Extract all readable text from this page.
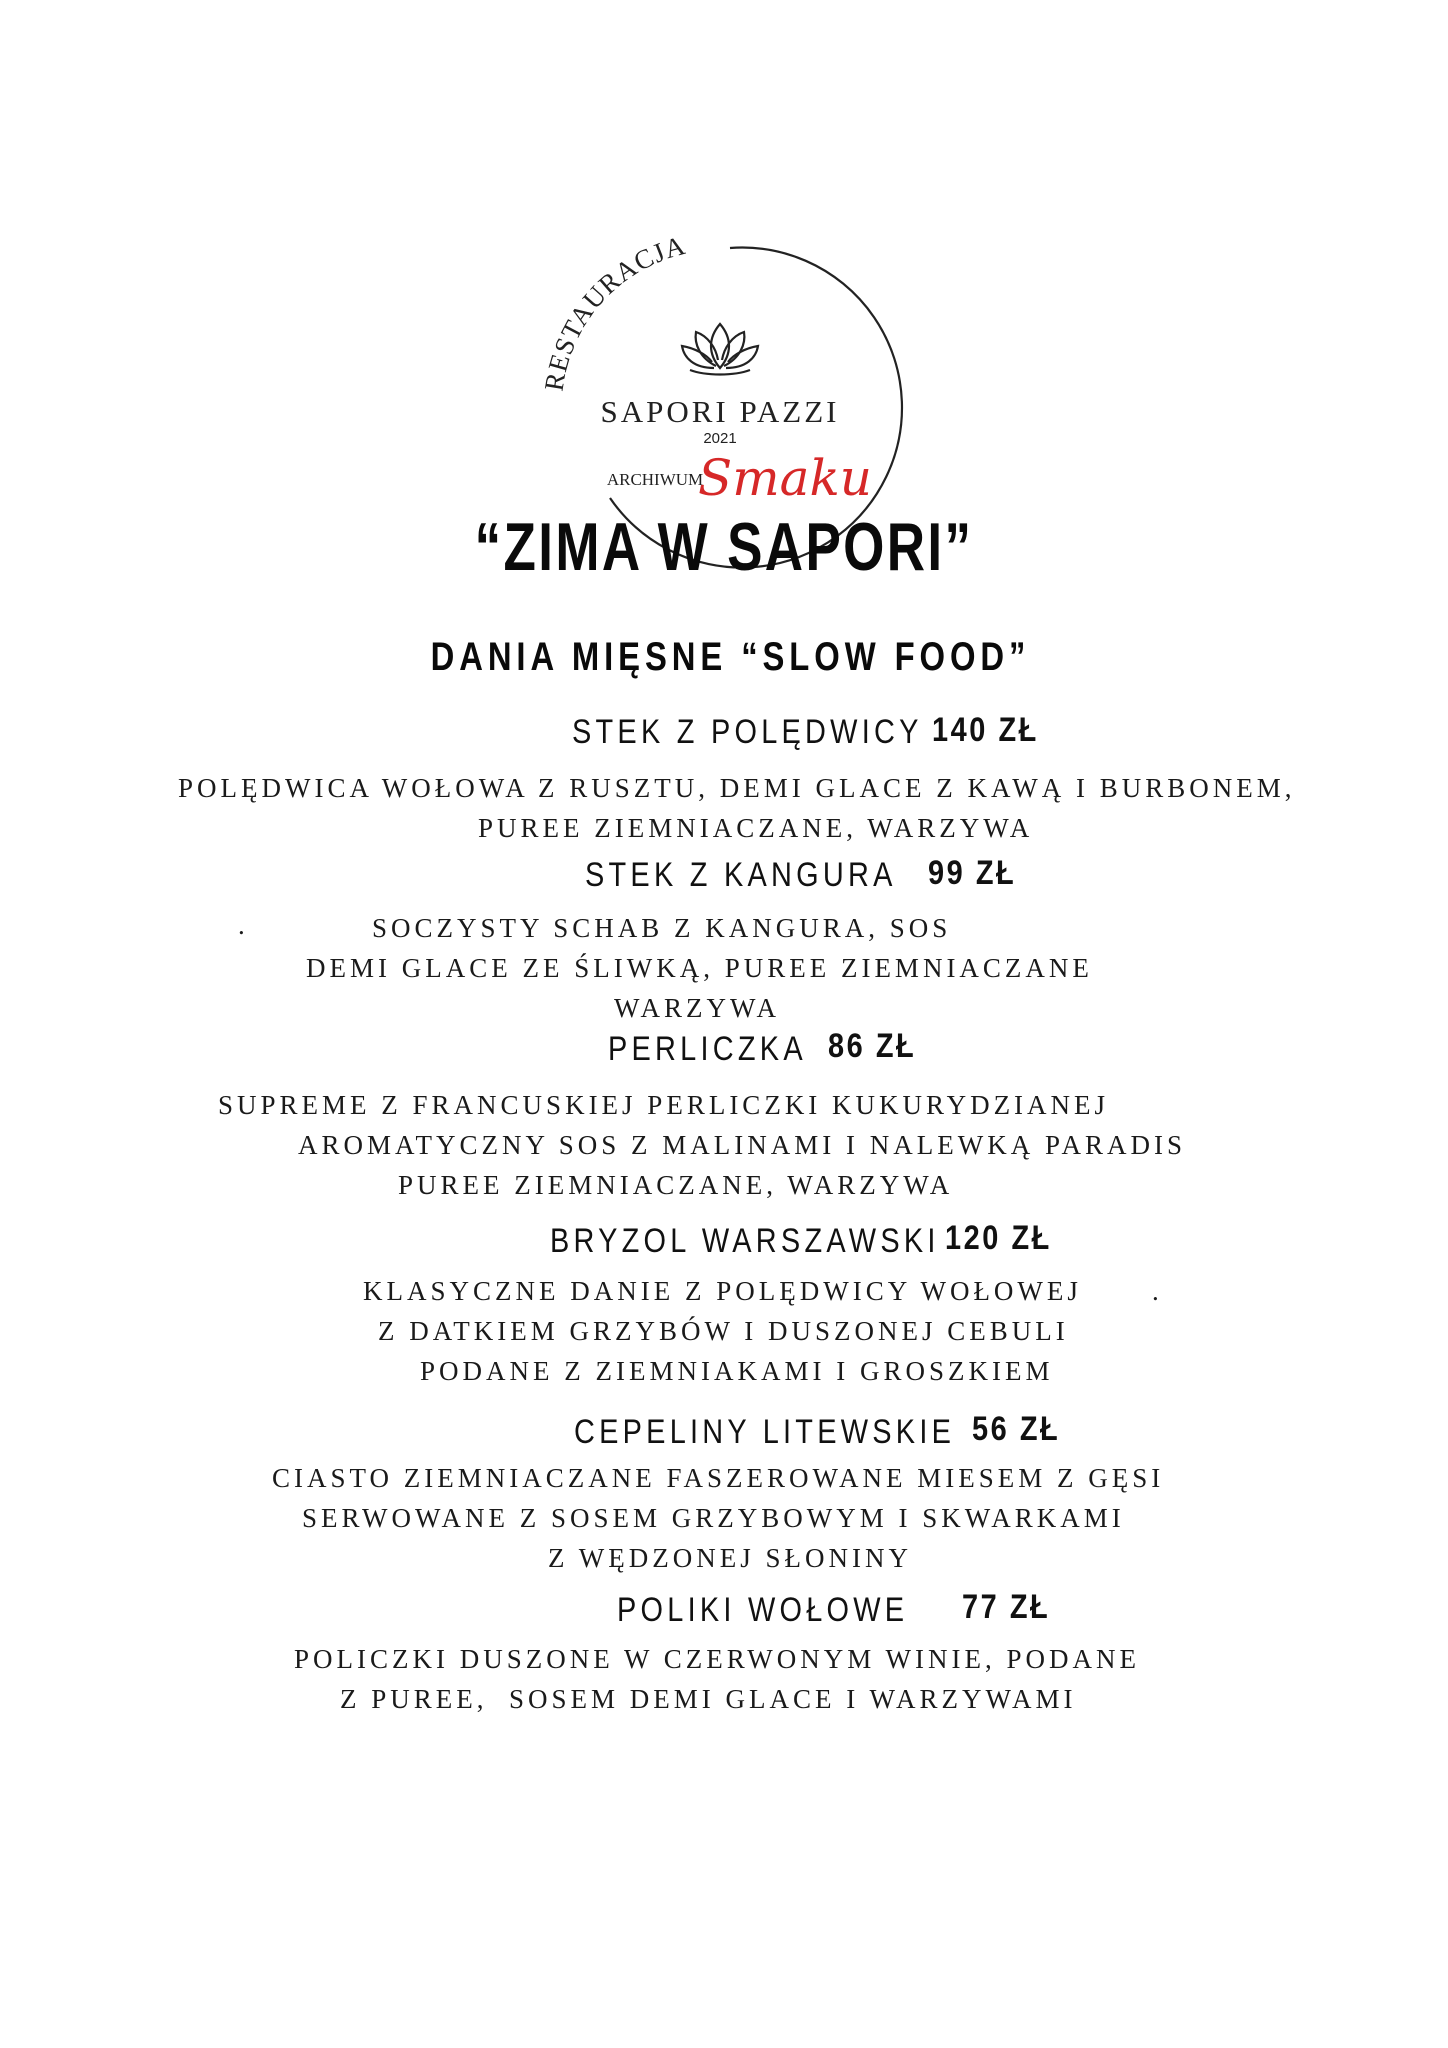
RESTAURACJA
SAPORI PAZZI
2021
ARCHIWUM
Smaku
“ZIMA W SAPORI”
DANIA MIĘSNE “SLOW FOOD”
STEK Z POLĘDWICY 140 ZŁ
POLĘDWICA WOŁOWA Z RUSZTU, DEMI GLACE Z KAWĄ I BURBONEM,
PUREE ZIEMNIACZANE, WARZYWA
STEK Z KANGURA 99 ZŁ
.	SOCZYSTY SCHAB Z KANGURA, SOS
DEMI GLACE ZE ŚLIWKĄ, PUREE ZIEMNIACZANE
WARZYWA
PERLICZKA 86 ZŁ
SUPREME Z FRANCUSKIEJ PERLICZKI KUKURYDZIANEJ
AROMATYCZNY SOS Z MALINAMI I NALEWKĄ PARADIS
PUREE ZIEMNIACZANE, WARZYWA
BRYZOL WARSZAWSKI 120 ZŁ
KLASYCZNE DANIE Z POLĘDWICY WOŁOWEJ	.
Z DATKIEM GRZYBÓW I DUSZONEJ CEBULI
PODANE Z ZIEMNIAKAMI I GROSZKIEM
CEPELINY LITEWSKIE 56 ZŁ
CIASTO ZIEMNIACZANE FASZEROWANE MIESEM Z GĘSI
SERWOWANE Z SOSEM GRZYBOWYM I SKWARKAMI
Z WĘDZONEJ SŁONINY
POLIKI WOŁOWE 77 ZŁ
POLICZKI DUSZONE W CZERWONYM WINIE, PODANE
Z PUREE,  SOSEM DEMI GLACE I WARZYWAMI
